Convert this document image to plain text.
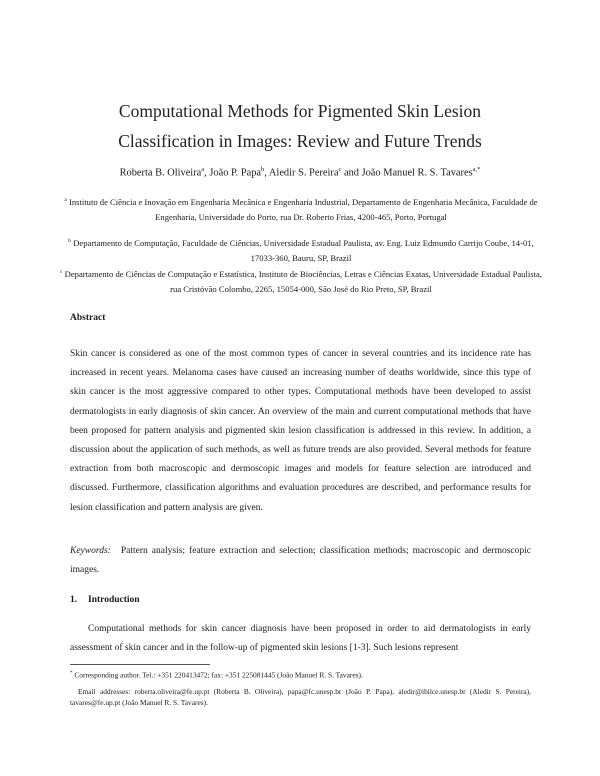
Computational Methods for Pigmented Skin Lesion
Classification in Images: Review and Future Trends
Roberta B. Oliveira$^a$, João P. Papa$^b$, Aledir S. Pereira$^c$ and João Manuel R. S. Tavares$^{a,*}$
$^a$ Instituto de Ciência e Inovação em Engenharia Mecânica e Engenharia Industrial, Departamento de Engenharia Mecânica, Faculdade de Engenharia, Universidade do Porto, rua Dr. Roberto Frias, 4200-465, Porto, Portugal
$^b$ Departamento de Computação, Faculdade de Ciências, Universidade Estadual Paulista, av. Eng. Luiz Edmundo Carrijo Coube, 14-01, 17033-360, Bauru, SP, Brazil
$^c$ Departamento de Ciências de Computação e Estatística, Instituto de Biociências, Letras e Ciências Exatas, Universidade Estadual Paulista, rua Cristóvão Colombo, 2265, 15054-000, São José do Rio Preto, SP, Brazil
Abstract
Skin cancer is considered as one of the most common types of cancer in several countries and its incidence rate has increased in recent years. Melanoma cases have caused an increasing number of deaths worldwide, since this type of skin cancer is the most aggressive compared to other types. Computational methods have been developed to assist dermatologists in early diagnosis of skin cancer. An overview of the main and current computational methods that have been proposed for pattern analysis and pigmented skin lesion classification is addressed in this review. In addition, a discussion about the application of such methods, as well as future trends are also provided. Several methods for feature extraction from both macroscopic and dermoscopic images and models for feature selection are introduced and discussed. Furthermore, classification algorithms and evaluation procedures are described, and performance results for lesion classification and pattern analysis are given.
Keywords: Pattern analysis; feature extraction and selection; classification methods; macroscopic and dermoscopic images.
1. Introduction
Computational methods for skin cancer diagnosis have been proposed in order to aid dermatologists in early assessment of skin cancer and in the follow-up of pigmented skin lesions [1-3]. Such lesions represent
* Corresponding author. Tel.: +351 220413472; fax: +351 225081445 (João Manuel R. S. Tavares).
Email addresses: roberta.oliveira@fe.up.pt (Roberta B. Oliveira), papa@fc.unesp.br (João P. Papa), aledir@ibilce.unesp.br (Aledir S. Pereira), tavares@fe.up.pt (João Manuel R. S. Tavares).
